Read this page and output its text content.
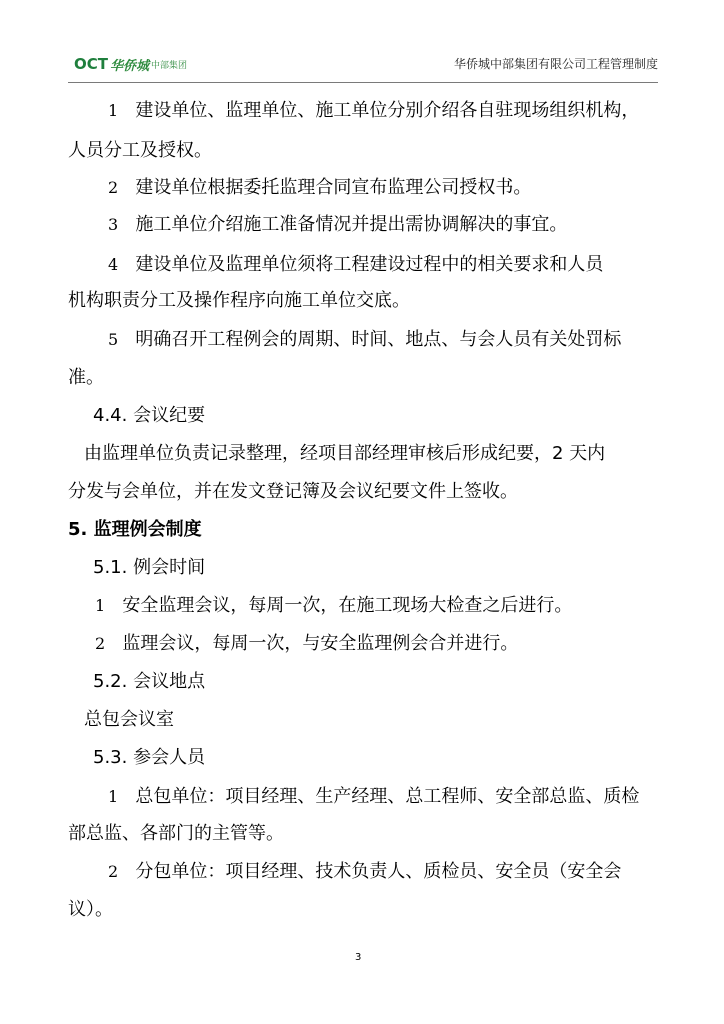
OCT 华侨城 中部集团	华侨城中部集团有限公司工程管理制度
1 建设单位、监理单位、施工单位分别介绍各自驻现场组织机构，
人员分工及授权。
2 建设单位根据委托监理合同宣布监理公司授权书。
3 施工单位介绍施工准备情况并提出需协调解决的事宜。
4 建设单位及监理单位须将工程建设过程中的相关要求和人员
机构职责分工及操作程序向施工单位交底。
5 明确召开工程例会的周期、时间、地点、与会人员有关处罚标
准。
4.4. 会议纪要
由监理单位负责记录整理，经项目部经理审核后形成纪要，2 天内
分发与会单位，并在发文登记簿及会议纪要文件上签收。
5. 监理例会制度
5.1. 例会时间
1 安全监理会议，每周一次，在施工现场大检查之后进行。
2 监理会议，每周一次，与安全监理例会合并进行。
5.2. 会议地点
总包会议室
5.3. 参会人员
1 总包单位：项目经理、生产经理、总工程师、安全部总监、质检
部总监、各部门的主管等。
2 分包单位：项目经理、技术负责人、质检员、安全员（安全会
议）。
3
